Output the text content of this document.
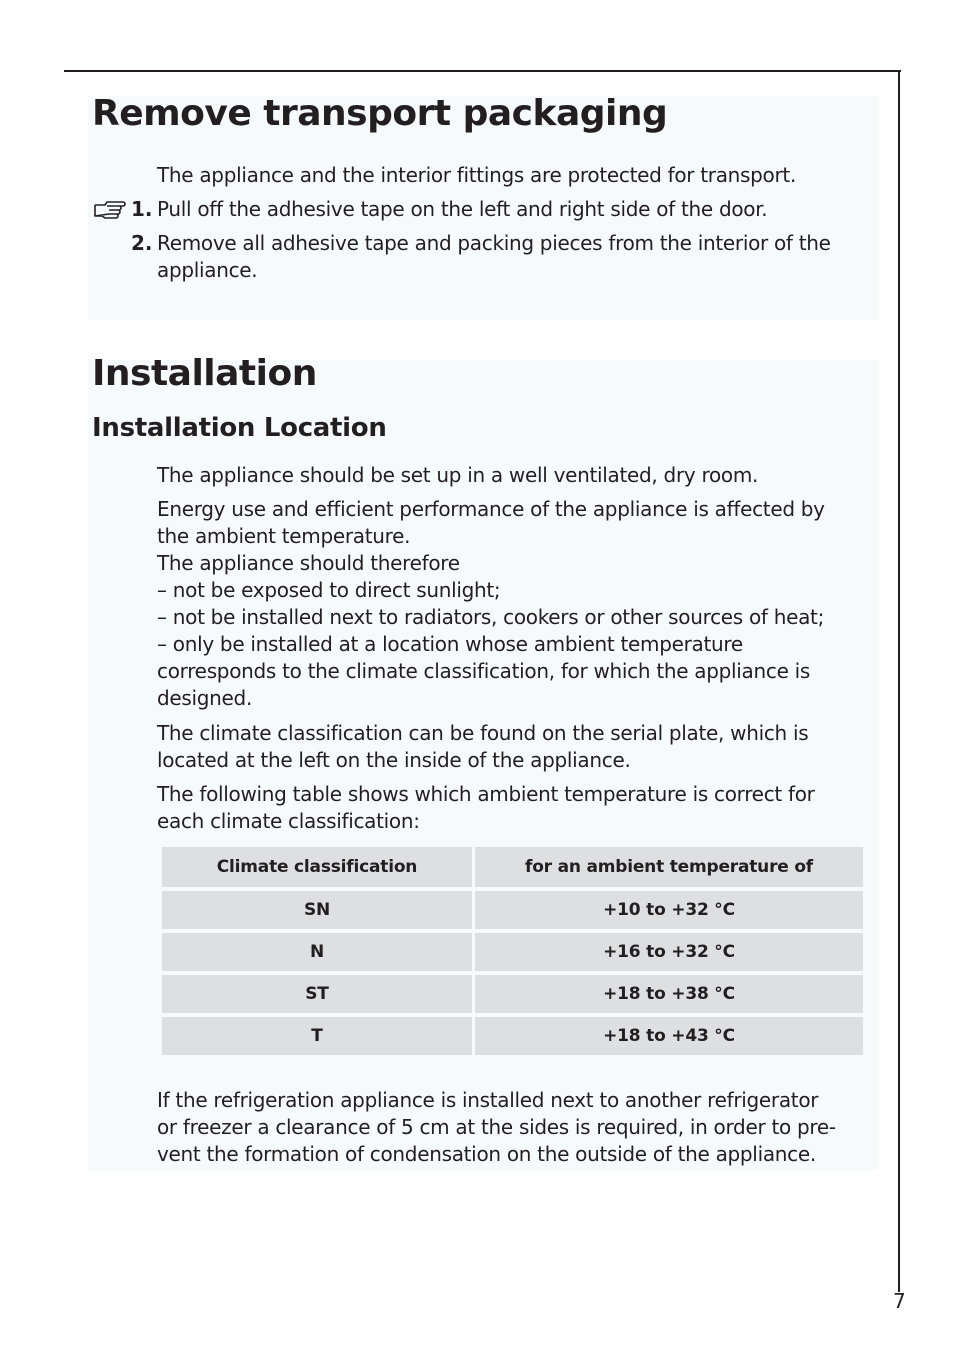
Remove transport packaging

The appliance and the interior fittings are protected for transport.

1. Pull off the adhesive tape on the left and right side of the door.

2. Remove all adhesive tape and packing pieces from the interior of the appliance.

Installation
Installation Location

The appliance should be set up in a well ventilated, dry room.

Energy use and efficient performance of the appliance is affected by
the ambient temperature.
The appliance should therefore
– not be exposed to direct sunlight;
– not be installed next to radiators, cookers or other sources of heat;
– only be installed at a location whose ambient temperature
corresponds to the climate classification, for which the appliance is
designed.
The climate classification can be found on the serial plate, which is
located at the left on the inside of the appliance.
The following table shows which ambient temperature is correct for
each climate classification:
Climate classification	for an ambient temperature of
SN	+10 to +32 °C
N	+16 to +32 °C
ST	+18 to +38 °C
T	+18 to +43 °C
If the refrigeration appliance is installed next to another refrigerator
or freezer a clearance of 5 cm at the sides is required, in order to pre-
vent the formation of condensation on the outside of the appliance.
7
